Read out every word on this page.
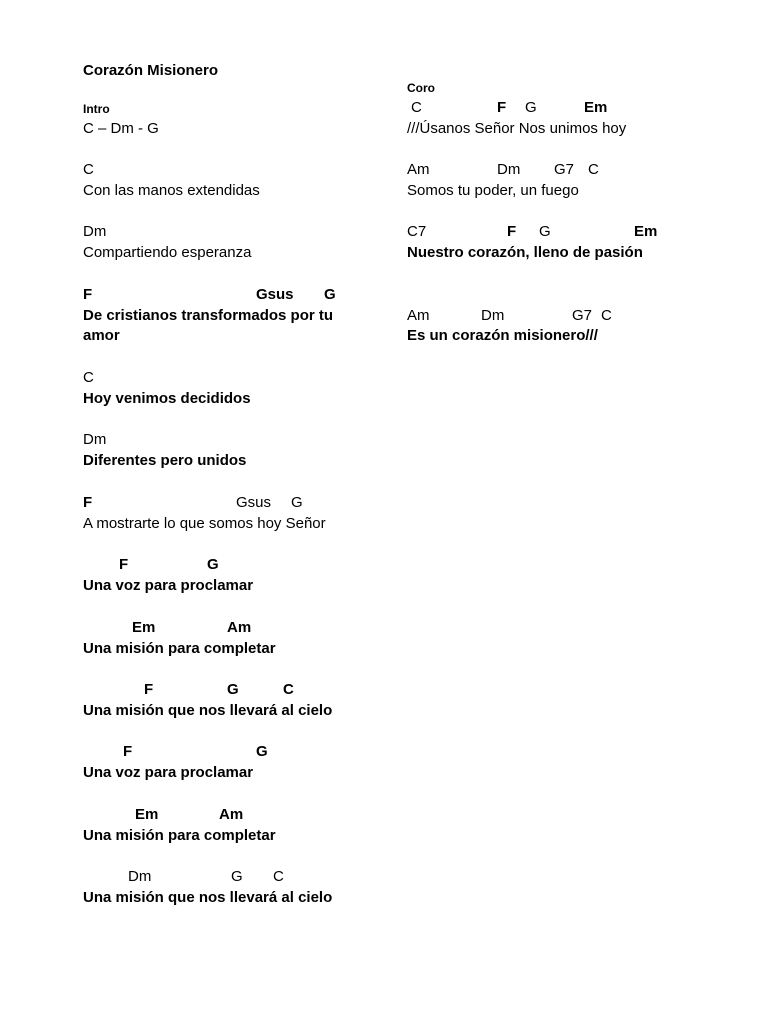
Corazón Misionero
Intro
C – Dm - G
C
Con las manos extendidas
Dm
Compartiendo esperanza
F	Gsus G
De cristianos transformados por tu
amor
C
Hoy venimos decididos
Dm
Diferentes pero unidos
F	Gsus G
A mostrarte lo que somos hoy Señor
F	G
Una voz para proclamar
Em	Am
Una misión para completar
F	G	C
Una misión que nos llevará al cielo
F	G
Una voz para proclamar
Em	Am
Una misión para completar
Dm	G C
Una misión que nos llevará al cielo
Coro
C	F G	Em
///Úsanos Señor Nos unimos hoy
Am	Dm G7 C
Somos tu poder, un fuego
C7	F G	Em
Nuestro corazón, lleno de pasión
Am	Dm	G7 C
Es un corazón misionero///
